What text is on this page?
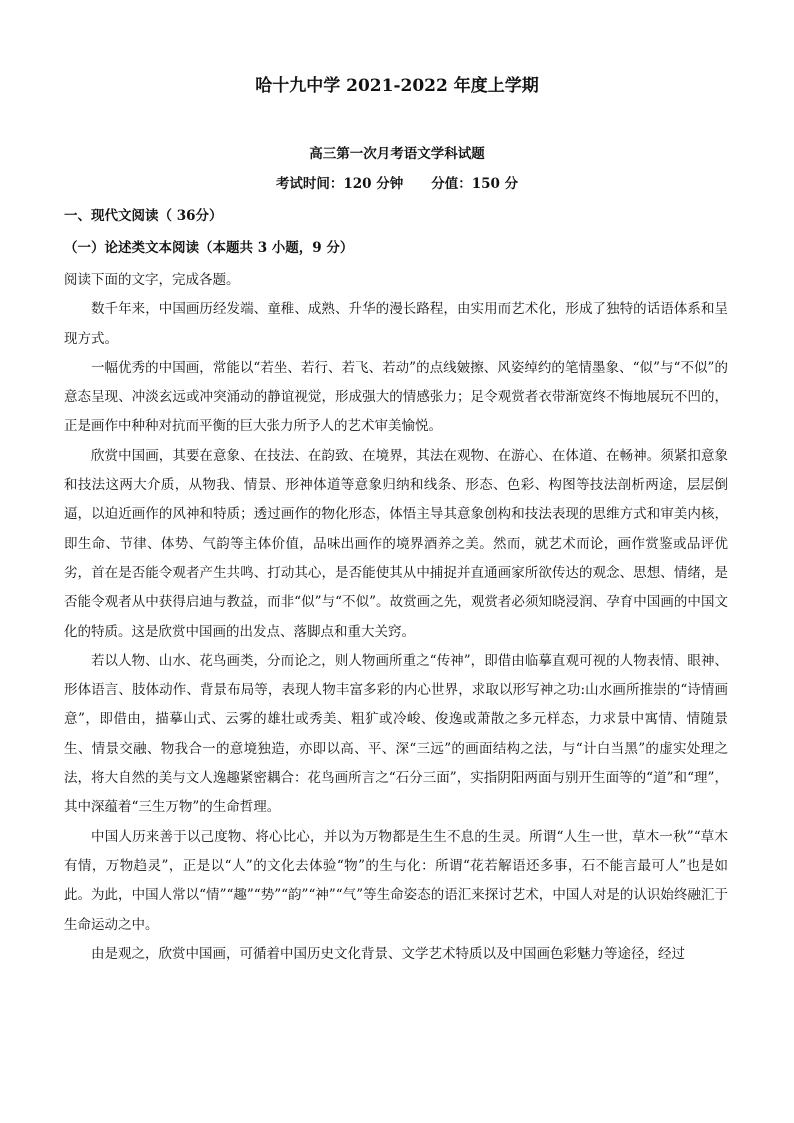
哈十九中学 2021-2022 年度上学期
高三第一次月考语文学科试题
考试时间：120 分钟 分值：150 分
一、现代文阅读（ 36分）
（一）论述类文本阅读（本题共 3 小题，9 分）

阅读下面的文字，完成各题。

数千年来，中国画历经发端、童稚、成熟、升华的漫长路程，由实用而艺术化，形成了独特的话语体系和呈现方式。

一幅优秀的中国画，常能以“若坐、若行、若飞、若动”的点线皴擦、风姿绰约的笔情墨象、“似”与“不似”的意态呈现、冲淡玄远或冲突涌动的静谊视觉，形成强大的情感张力；足令观赏者衣带渐宽终不悔地展玩不凹的，正是画作中种种对抗而平衡的巨大张力所予人的艺术审美愉悦。

欣赏中国画，其要在意象、在技法、在韵致、在境界，其法在观物、在游心、在体道、在畅神。须紧扣意象和技法这两大介质，从物我、情景、形神体道等意象归纳和线条、形态、色彩、构图等技法剖析两途，层层倒逼，以迫近画作的风神和特质；透过画作的物化形态，体悟主导其意象创构和技法表现的思维方式和审美内核，即生命、节律、体势、气韵等主体价值，品味出画作的境界酒养之美。然而，就艺术而论，画作赏鉴或品评优劣，首在是否能令观者产生共鸣、打动其心，是否能使其从中捕捉并直通画家所欲传达的观念、思想、情绪，是否能令观者从中获得启迪与教益，而非“似”与“不似”。故赏画之先，观赏者必须知晓浸润、孕育中国画的中国文化的特质。这是欣赏中国画的出发点、落脚点和重大关窍。

若以人物、山水、花鸟画类，分而论之，则人物画所重之“传神”，即借由临摹直观可视的人物表情、眼神、形体语言、肢体动作、背景布局等，表现人物丰富多彩的内心世界，求取以形写神之功:山水画所推崇的“诗情画意”，即借由，描摹山式、云雾的雄壮或秀美、粗犷或冷峻、俊逸或萧散之多元样态，力求景中寓情、情随景生、情景交融、物我合一的意境独造，亦即以高、平、深“三远”的画面结构之法，与“计白当黑”的虚实处理之法，将大自然的美与文人逸趣紧密耦合：花鸟画所言之“石分三面”，实指阴阳两面与别开生面等的“道”和“理”，其中深蕴着“三生万物”的生命哲理。

中国人历来善于以己度物、将心比心，并以为万物都是生生不息的生灵。所谓“人生一世，草木一秋”“草木有情，万物趋灵”，正是以“人”的文化去体验“物”的生与化：所谓“花若解语还多事，石不能言最可人”也是如此。为此，中国人常以“情”“趣”“势”“韵”“神”“气”等生命姿态的语汇来探讨艺术，中国人对是的认识始终融汇于生命运动之中。

由是观之，欣赏中国画，可循着中国历史文化背景、文学艺术特质以及中国画色彩魅力等途径，经过
